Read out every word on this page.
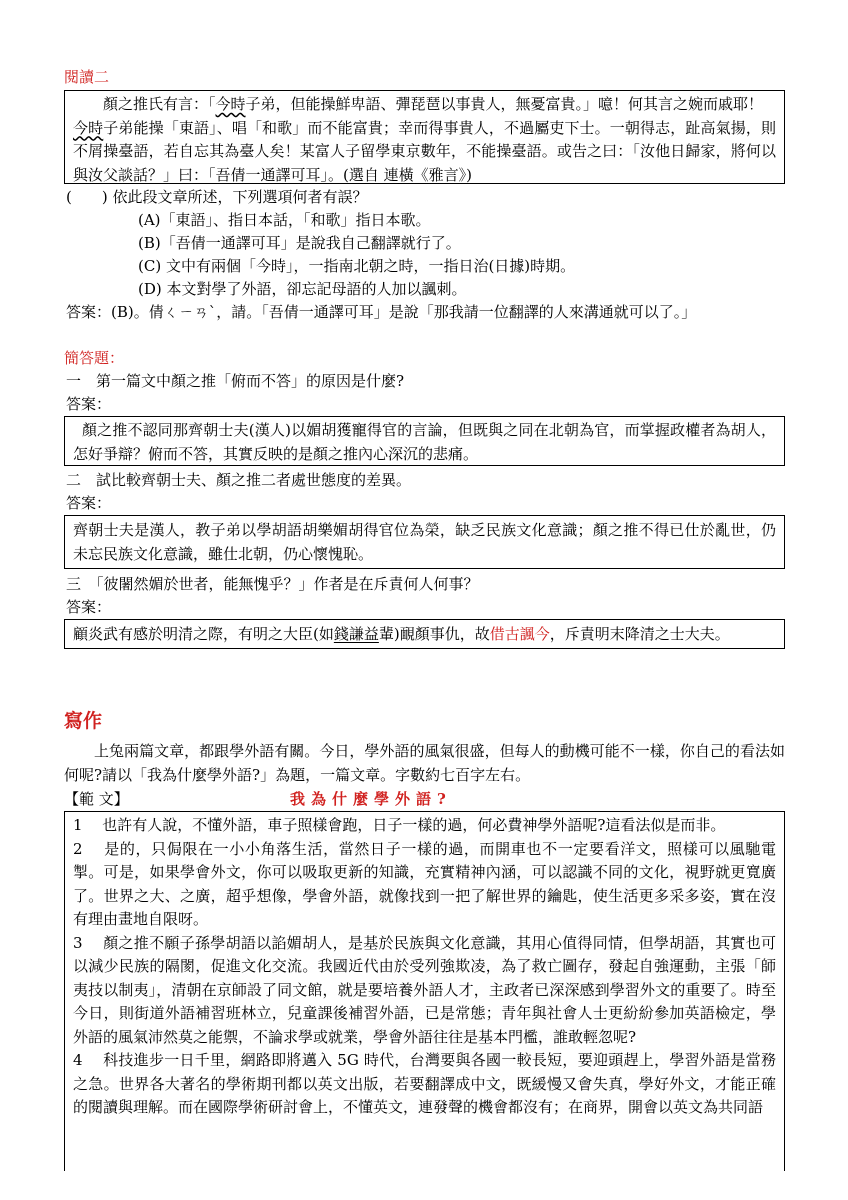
閱讀二

顏之推氏有言：「今時子弟，但能操鮮卑語、彈琵琶以事貴人，無憂富貴。」噫！何其言之婉而戚耶！
今時子弟能操「東語」、唱「和歌」而不能富貴；幸而得事貴人，不過屬吏下士。一朝得志，趾高氣揚，則不屑操臺語，若自忘其為臺人矣！某富人子留學東京數年，不能操臺語。或告之曰：「汝他日歸家，將何以與汝父談話？」曰：「吾倩一通譯可耳」。(選自 連橫《雅言》)

(　　) 依此段文章所述，下列選項何者有誤？
(A)「東語」、指日本話，「和歌」指日本歌。
(B)「吾倩一通譯可耳」是說我自己翻譯就行了。
(C) 文中有兩個「今時」，一指南北朝之時，一指日治(日據)時期。
(D) 本文對學了外語，卻忘記母語的人加以諷刺。
答案：(B)。倩ㄑㄧㄢˋ，請。「吾倩一通譯可耳」是說「那我請一位翻譯的人來溝通就可以了。」
簡答題：
一　第一篇文中顏之推「俯而不答」的原因是什麼?
答案：

顏之推不認同那齊朝士夫(漢人)以媚胡獲寵得官的言論，但既與之同在北朝為官，而掌握政權者為胡人，怎好爭辯？俯而不答，其實反映的是顏之推內心深沉的悲痛。

二　試比較齊朝士夫、顏之推二者處世態度的差異。
答案：

齊朝士夫是漢人，教子弟以學胡語胡樂媚胡得官位為榮，缺乏民族文化意識；顏之推不得已仕於亂世，仍未忘民族文化意識，雖仕北朝，仍心懷愧恥。

三　「彼闍然媚於世者，能無愧乎？」作者是在斥責何人何事？
答案：

顧炎武有感於明清之際，有明之大臣(如錢謙益輩)靦顏事仇，故借古諷今，斥責明末降清之士大夫。

寫作

上兔兩篇文章，都跟學外語有關。今日，學外語的風氣很盛，但每人的動機可能不一樣，你自己的看法如何呢?請以「我為什麼學外語?」為題，一篇文章。字數約七百字左右。

【範 文】	我為什麼學外語?

1　 也許有人說，不懂外語，車子照樣會跑，日子一樣的過，何必費神學外語呢?這看法似是而非。

2　 是的，只侷限在一小小角落生活，當然日子一樣的過，而開車也不一定要看洋文，照樣可以風馳電掣。可是，如果學會外文，你可以吸取更新的知識，充實精神內涵，可以認識不同的文化，視野就更寬廣了。世界之大、之廣，超乎想像，學會外語，就像找到一把了解世界的鑰匙，使生活更多采多姿，實在沒有理由畫地自限呀。

3　 顏之推不願子孫學胡語以諂媚胡人，是基於民族與文化意識，其用心值得同情，但學胡語，其實也可以減少民族的隔閡，促進文化交流。我國近代由於受列強欺凌，為了救亡圖存，發起自強運動，主張「師夷技以制夷」，清朝在京師設了同文館，就是要培養外語人才，主政者已深深感到學習外文的重要了。時至今日，則街道外語補習班林立，兒童課後補習外語，已是常態；青年與社會人士更紛紛參加英語檢定，學外語的風氣沛然莫之能禦，不論求學或就業，學會外語往往是基本門檻，誰敢輕忽呢?

4　 科技進步一日千里，網路即將邁入 5G 時代，台灣要與各國一較長短，要迎頭趕上，學習外語是當務之急。世界各大著名的學術期刊都以英文出版，若要翻譯成中文，既緩慢又會失真，學好外文，才能正確的閱讀與理解。而在國際學術研討會上，不懂英文，連發聲的機會都沒有；在商界，開會以英文為共同語
